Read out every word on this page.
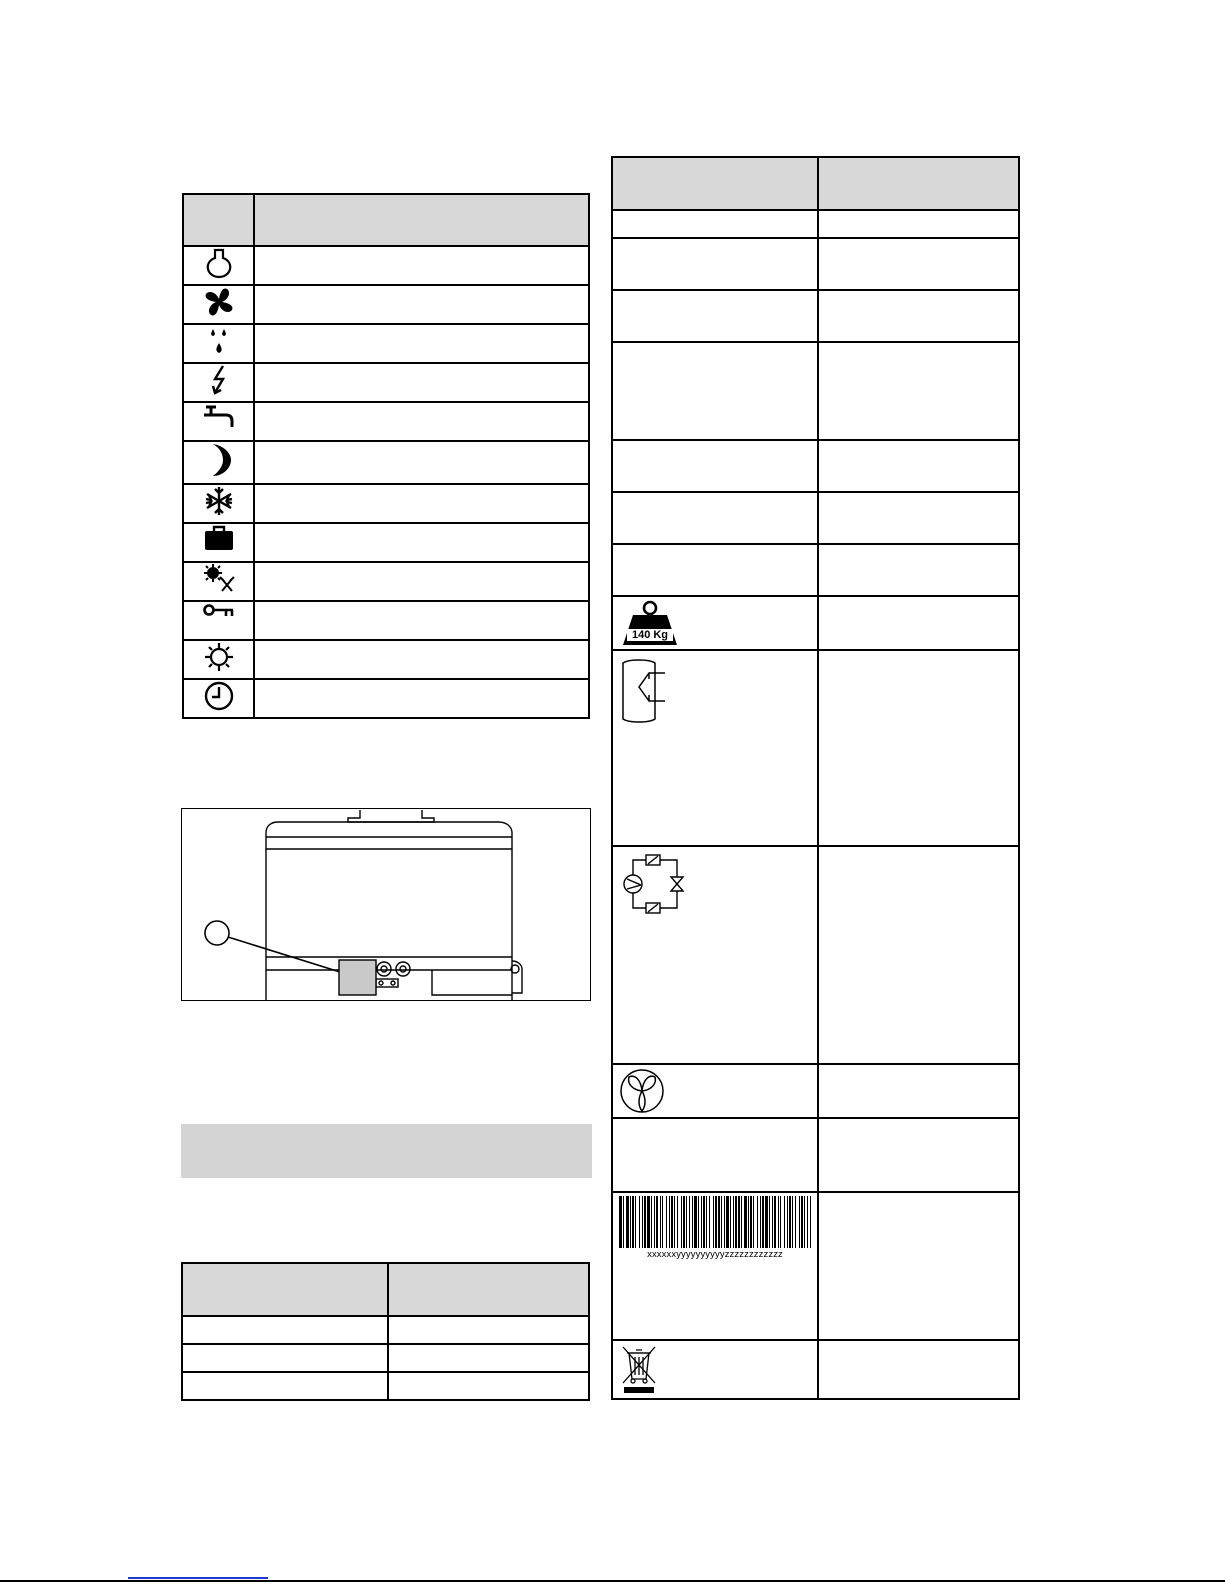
140 Kg	

xxxxxxyyyyyyyyyyzzzzzzzzzzzz	
